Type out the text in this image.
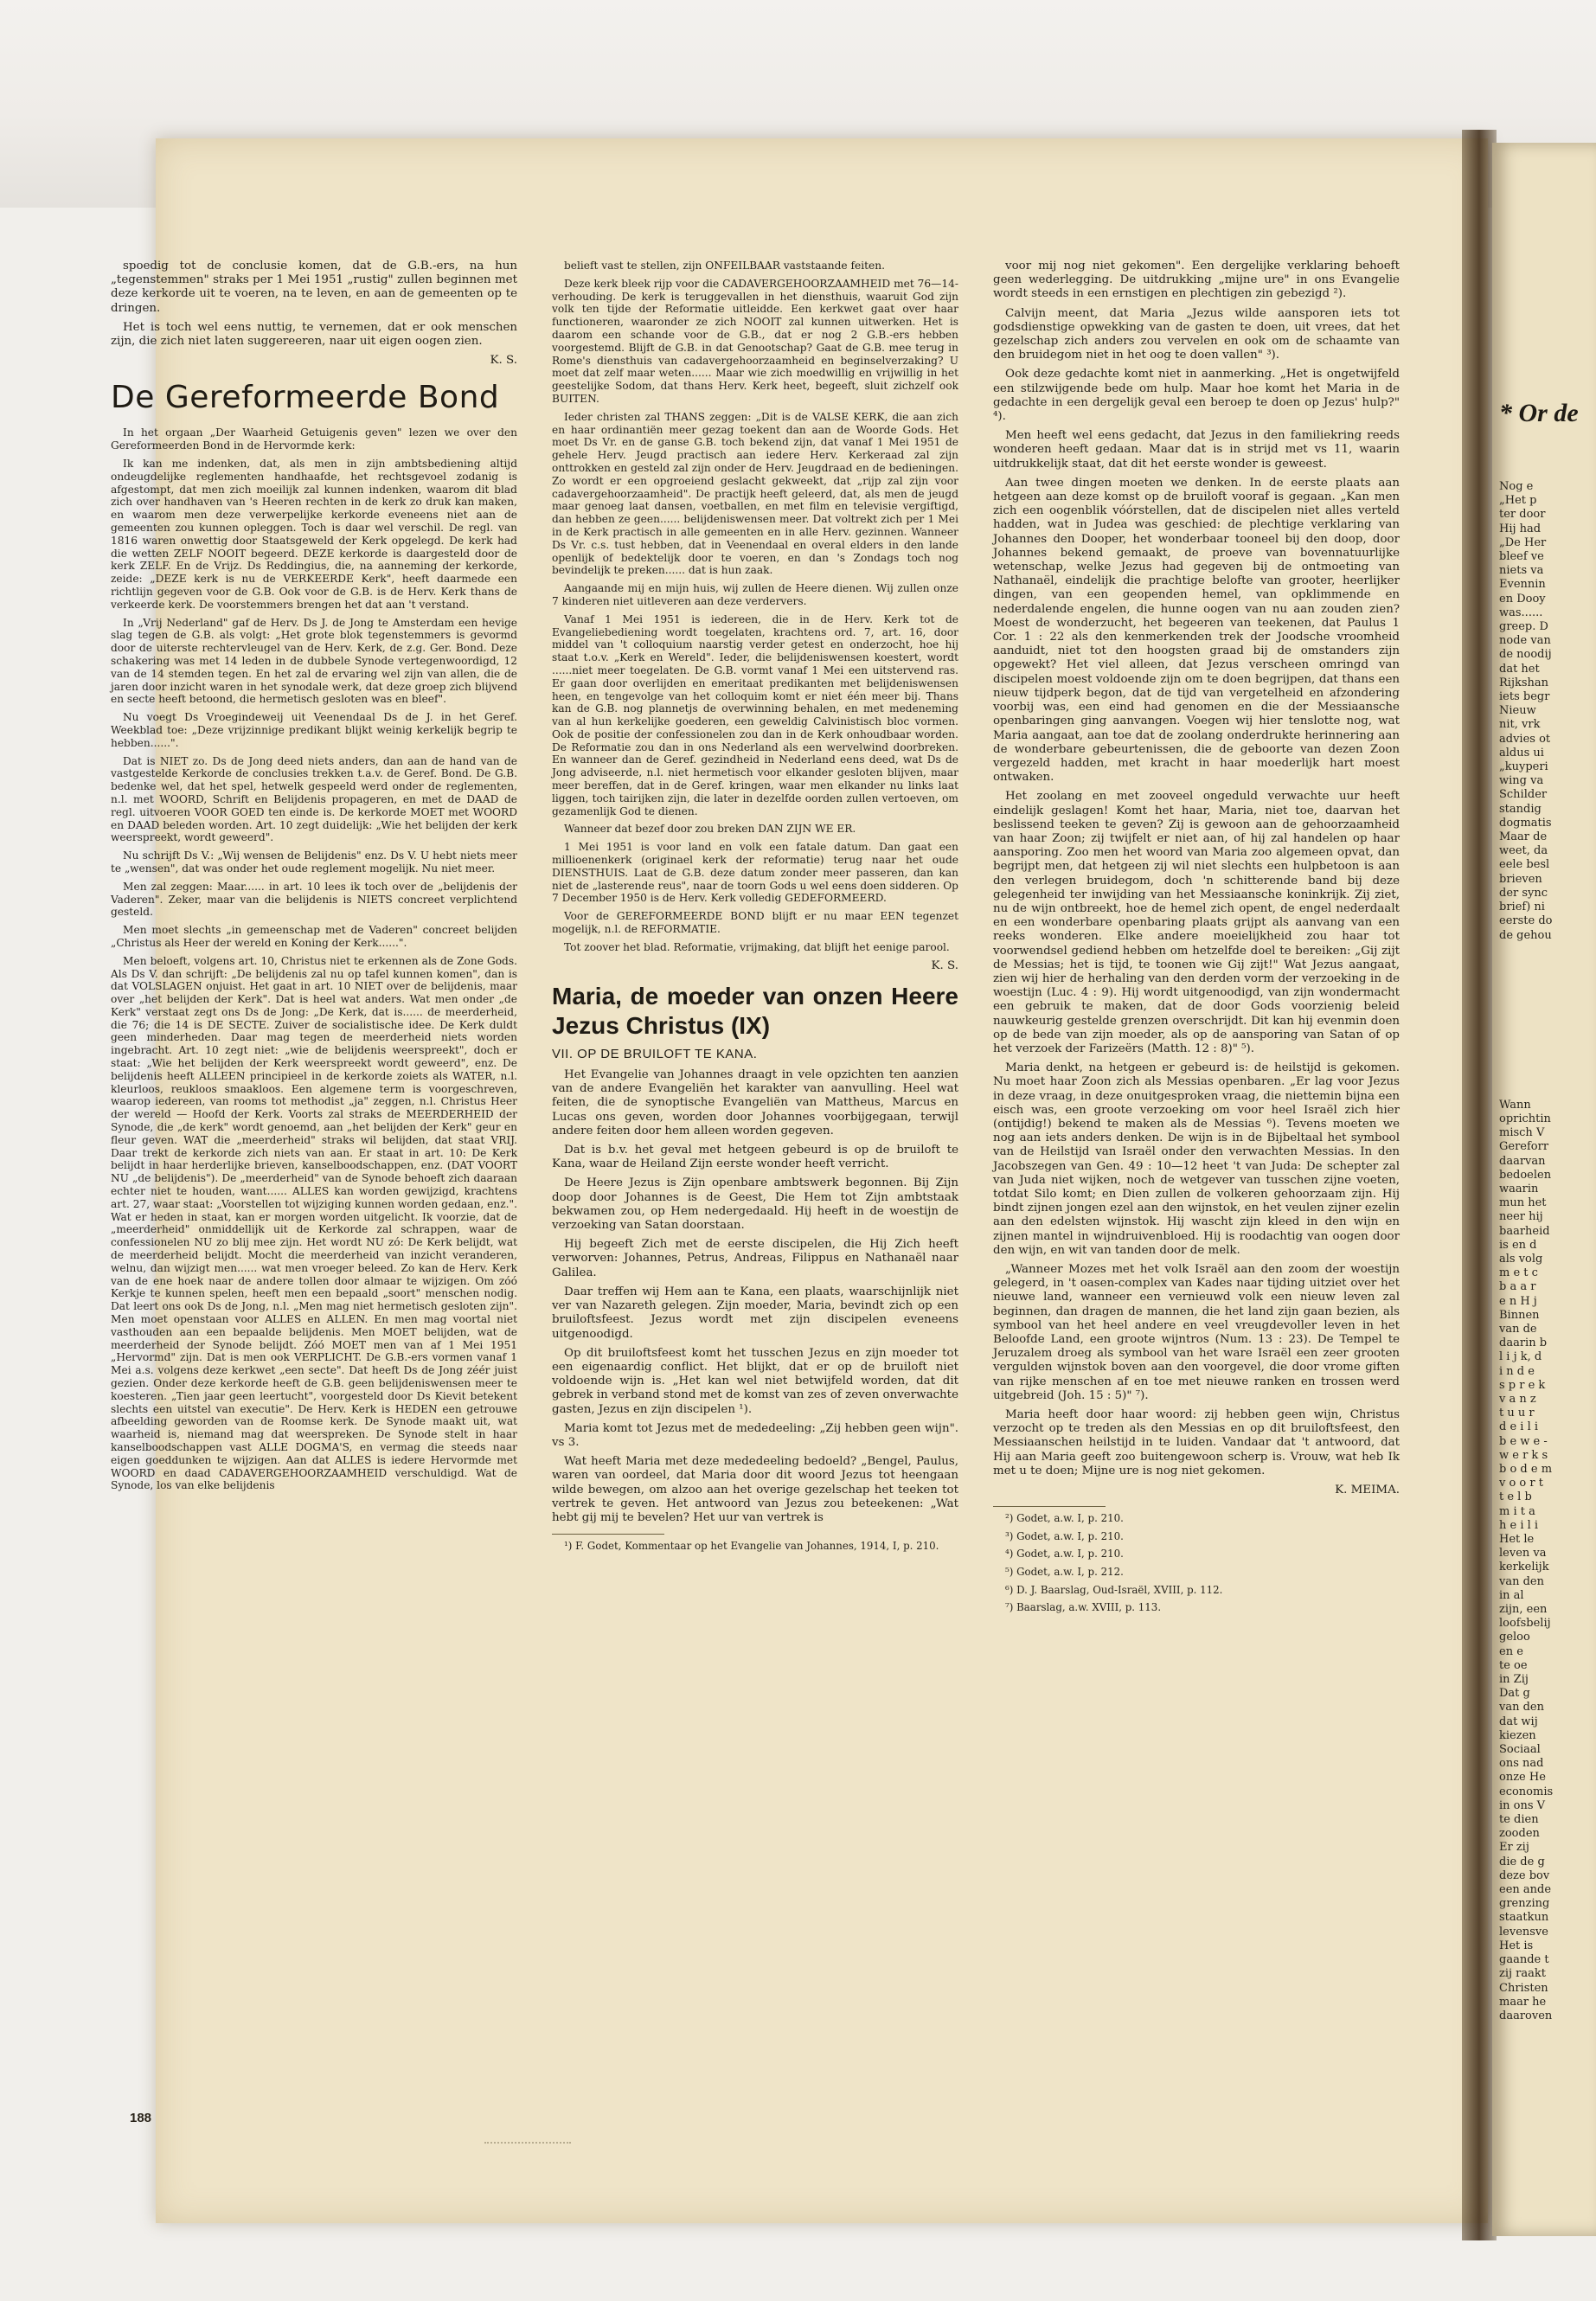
* Or de
Nog e
„Het p
ter door
Hij had
„De Her
bleef ve
niets va
Evennin
en Dooy
was......
greep. D
node van
de noodij
dat het
Rijkshan
iets begr
Nieuw
nit, vrk
advies ot
aldus ui
„kuyperi
wing va
Schilder
standig
dogmatis
Maar de
weet, da
eele besl
brieven
der sync
brief) ni
eerste do
de gehou
Wann
oprichtin
misch V
Gereforr
daarvan
bedoelen
waarin
mun het
neer hij
baarheid
is en d
als volg
m e t c
b a a r
e n H j
Binnen
van de
daarin b
l i j k, d
i n d e
s p r e k
v a n z
t u u r
d e i l i
b e w e -
w e r k s
b o d e m
v o o r t
t e l b
m i t a
h e i l i
Het le
leven va
kerkelijk
van den
in al
zijn, een
loofsbelij
geloo
en e
te oe
in Zij
Dat g
van den
dat wij
kiezen
Sociaal
ons nad
onze He
economis
in ons V
te dien
zooden
Er zij
die de g
deze bov
een ande
grenzing
staatkun
levensve
Het is
gaande t
zij raakt
Christen
maar he
daaroven

spoedig tot de conclusie komen, dat de G.B.-ers, na hun „tegenstemmen" straks per 1 Mei 1951 „rustig" zullen beginnen met deze kerkorde uit te voeren, na te leven, en aan de gemeenten op te dringen.

Het is toch wel eens nuttig, te vernemen, dat er ook menschen zijn, die zich niet laten suggereeren, naar uit eigen oogen zien.

K. S.

De Gereformeerde Bond

In het orgaan „Der Waarheid Getuigenis geven" lezen we over den Gereformeerden Bond in de Hervormde kerk:

Ik kan me indenken, dat, als men in zijn ambtsbediening altijd ondeugdelijke reglementen handhaafde, het rechtsgevoel zodanig is afgestompt, dat men zich moeilijk zal kunnen indenken, waarom dit blad zich over handhaven van 's Heeren rechten in de kerk zo druk kan maken, en waarom men deze verwerpelijke kerkorde eveneens niet aan de gemeenten zou kunnen opleggen. Toch is daar wel verschil. De regl. van 1816 waren onwettig door Staatsgeweld der Kerk opgelegd. De kerk had die wetten ZELF NOOIT begeerd. DEZE kerkorde is daargesteld door de kerk ZELF. En de Vrijz. Ds Reddingius, die, na aanneming der kerkorde, zeide: „DEZE kerk is nu de VERKEERDE Kerk", heeft daarmede een richtlijn gegeven voor de G.B. Ook voor de G.B. is de Herv. Kerk thans de verkeerde kerk. De voorstemmers brengen het dat aan 't verstand.

In „Vrij Nederland" gaf de Herv. Ds J. de Jong te Amsterdam een hevige slag tegen de G.B. als volgt: „Het grote blok tegenstemmers is gevormd door de uiterste rechtervleugel van de Herv. Kerk, de z.g. Ger. Bond. Deze schakering was met 14 leden in de dubbele Synode vertegenwoordigd, 12 van de 14 stemden tegen. En het zal de ervaring wel zijn van allen, die de jaren door inzicht waren in het synodale werk, dat deze groep zich blijvend en secte heeft betoond, die hermetisch gesloten was en bleef".

Nu voegt Ds Vroegindeweij uit Veenendaal Ds de J. in het Geref. Weekblad toe: „Deze vrijzinnige predikant blijkt weinig kerkelijk begrip te hebben......".

Dat is NIET zo. Ds de Jong deed niets anders, dan aan de hand van de vastgestelde Kerkorde de conclusies trekken t.a.v. de Geref. Bond. De G.B. bedenke wel, dat het spel, hetwelk gespeeld werd onder de reglementen, n.l. met WOORD, Schrift en Belijdenis propageren, en met de DAAD de regl. uitvoeren VOOR GOED ten einde is. De kerkorde MOET met WOORD en DAAD beleden worden. Art. 10 zegt duidelijk: „Wie het belijden der kerk weerspreekt, wordt geweerd".

Nu schrijft Ds V.: „Wij wensen de Belijdenis" enz. Ds V. U hebt niets meer te „wensen", dat was onder het oude reglement mogelijk. Nu niet meer.

Men zal zeggen: Maar...... in art. 10 lees ik toch over de „belijdenis der Vaderen". Zeker, maar van die belijdenis is NIETS concreet verplichtend gesteld.

Men moet slechts „in gemeenschap met de Vaderen" concreet belijden „Christus als Heer der wereld en Koning der Kerk......".

Men beloeft, volgens art. 10, Christus niet te erkennen als de Zone Gods. Als Ds V. dan schrijft: „De belijdenis zal nu op tafel kunnen komen", dan is dat VOLSLAGEN onjuist. Het gaat in art. 10 NIET over de belijdenis, maar over „het belijden der Kerk". Dat is heel wat anders. Wat men onder „de Kerk" verstaat zegt ons Ds de Jong: „De Kerk, dat is...... de meerderheid, die 76; die 14 is DE SECTE. Zuiver de socialistische idee. De Kerk duldt geen minderheden. Daar mag tegen de meerderheid niets worden ingebracht. Art. 10 zegt niet: „wie de belijdenis weerspreekt", doch er staat: „Wie het belijden der Kerk weerspreekt wordt geweerd", enz. De belijdenis heeft ALLEEN principieel in de kerkorde zoiets als WATER, n.l. kleurloos, reukloos smaakloos. Een algemene term is voorgeschreven, waarop iedereen, van rooms tot methodist „ja" zeggen, n.l. Christus Heer der wereld — Hoofd der Kerk. Voorts zal straks de MEERDERHEID der Synode, die „de kerk" wordt genoemd, aan „het belijden der Kerk" geur en fleur geven. WAT die „meerderheid" straks wil belijden, dat staat VRIJ. Daar trekt de kerkorde zich niets van aan. Er staat in art. 10: De Kerk belijdt in haar herderlijke brieven, kanselboodschappen, enz. (DAT VOORT NU „de belijdenis"). De „meerderheid" van de Synode behoeft zich daaraan echter niet te houden, want...... ALLES kan worden gewijzigd, krachtens art. 27, waar staat: „Voorstellen tot wijziging kunnen worden gedaan, enz.". Wat er heden in staat, kan er morgen worden uitgelicht. Ik voorzie, dat de „meerderheid" onmiddellijk uit de Kerkorde zal schrappen, waar de confessionelen NU zo blij mee zijn. Het wordt NU zó: De Kerk belijdt, wat de meerderheid belijdt. Mocht die meerderheid van inzicht veranderen, welnu, dan wijzigt men...... wat men vroeger beleed. Zo kan de Herv. Kerk van de ene hoek naar de andere tollen door almaar te wijzigen. Om zóó Kerkje te kunnen spelen, heeft men een bepaald „soort" menschen nodig. Dat leert ons ook Ds de Jong, n.l. „Men mag niet hermetisch gesloten zijn". Men moet openstaan voor ALLES en ALLEN. En men mag voortal niet vasthouden aan een bepaalde belijdenis. Men MOET belijden, wat de meerderheid der Synode belijdt. Zóó MOET men van af 1 Mei 1951 „Hervormd" zijn. Dat is men ook VERPLICHT. De G.B.-ers vormen vanaf 1 Mei a.s. volgens deze kerkwet „een secte". Dat heeft Ds de Jong zéér juist gezien. Onder deze kerkorde heeft de G.B. geen belijdeniswensen meer te koesteren. „Tien jaar geen leertucht", voorgesteld door Ds Kievit betekent slechts een uitstel van executie". De Herv. Kerk is HEDEN een getrouwe afbeelding geworden van de Roomse kerk. De Synode maakt uit, wat waarheid is, niemand mag dat weerspreken. De Synode stelt in haar kanselboodschappen vast ALLE DOGMA'S, en vermag die steeds naar eigen goeddunken te wijzigen. Aan dat ALLES is iedere Hervormde met WOORD en daad CADAVERGEHOORZAAMHEID verschuldigd. Wat de Synode, los van elke belijdenis

belieft vast te stellen, zijn ONFEILBAAR vaststaande feiten.

Deze kerk bleek rijp voor die CADAVERGEHOORZAAMHEID met 76—14-verhouding. De kerk is teruggevallen in het diensthuis, waaruit God zijn volk ten tijde der Reformatie uitleidde. Een kerkwet gaat over haar functioneren, waaronder ze zich NOOIT zal kunnen uitwerken. Het is daarom een schande voor de G.B., dat er nog 2 G.B.-ers hebben voorgestemd. Blijft de G.B. in dat Genootschap? Gaat de G.B. mee terug in Rome's diensthuis van cadavergehoorzaamheid en beginselverzaking? U moet dat zelf maar weten...... Maar wie zich moedwillig en vrijwillig in het geestelijke Sodom, dat thans Herv. Kerk heet, begeeft, sluit zichzelf ook BUITEN.

Ieder christen zal THANS zeggen: „Dit is de VALSE KERK, die aan zich en haar ordinantiën meer gezag toekent dan aan de Woorde Gods. Het moet Ds Vr. en de ganse G.B. toch bekend zijn, dat vanaf 1 Mei 1951 de gehele Herv. Jeugd practisch aan iedere Herv. Kerkeraad zal zijn onttrokken en gesteld zal zijn onder de Herv. Jeugdraad en de bedieningen. Zo wordt er een opgroeiend geslacht gekweekt, dat „rijp zal zijn voor cadavergehoorzaamheid". De practijk heeft geleerd, dat, als men de jeugd maar genoeg laat dansen, voetballen, en met film en televisie vergiftigd, dan hebben ze geen...... belijdeniswensen meer. Dat voltrekt zich per 1 Mei in de Kerk practisch in alle gemeenten en in alle Herv. gezinnen. Wanneer Ds Vr. c.s. tust hebben, dat in Veenendaal en overal elders in den lande openlijk of bedektelijk door te voeren, en dan 's Zondags toch nog bevindelijk te preken...... dat is hun zaak.

Aangaande mij en mijn huis, wij zullen de Heere dienen. Wij zullen onze 7 kinderen niet uitleveren aan deze verdervers.

Vanaf 1 Mei 1951 is iedereen, die in de Herv. Kerk tot de Evangeliebediening wordt toegelaten, krachtens ord. 7, art. 16, door middel van 't colloquium naarstig verder getest en onderzocht, hoe hij staat t.o.v. „Kerk en Wereld". Ieder, die belijdeniswensen koestert, wordt ......niet meer toegelaten. De G.B. vormt vanaf 1 Mei een uitstervend ras. Er gaan door overlijden en emeritaat predikanten met belijdeniswensen heen, en tengevolge van het colloquim komt er niet één meer bij. Thans kan de G.B. nog plannetjs de overwinning behalen, en met medeneming van al hun kerkelijke goederen, een geweldig Calvinistisch bloc vormen. Ook de positie der confessionelen zou dan in de Kerk onhoudbaar worden. De Reformatie zou dan in ons Nederland als een wervelwind doorbreken. En wanneer dan de Geref. gezindheid in Nederland eens deed, wat Ds de Jong adviseerde, n.l. niet hermetisch voor elkander gesloten blijven, maar meer bereffen, dat in de Geref. kringen, waar men elkander nu links laat liggen, toch tairijken zijn, die later in dezelfde oorden zullen vertoeven, om gezamenlijk God te dienen.

Wanneer dat bezef door zou breken DAN ZIJN WE ER.

1 Mei 1951 is voor land en volk een fatale datum. Dan gaat een millioenenkerk (originael kerk der reformatie) terug naar het oude DIENSTHUIS. Laat de G.B. deze datum zonder meer passeren, dan kan niet de „lasterende reus", naar de toorn Gods u wel eens doen sidderen. Op 7 December 1950 is de Herv. Kerk volledig GEDEFORMEERD.

Voor de GEREFORMEERDE BOND blijft er nu maar EEN tegenzet mogelijk, n.l. de REFORMATIE.

Tot zoover het blad. Reformatie, vrijmaking, dat blijft het eenige parool.

K. S.

Maria, de moeder van onzen Heere Jezus Christus (IX)
VII. OP DE BRUILOFT TE KANA.

Het Evangelie van Johannes draagt in vele opzichten ten aanzien van de andere Evangeliën het karakter van aanvulling. Heel wat feiten, die de synoptische Evangeliën van Mattheus, Marcus en Lucas ons geven, worden door Johannes voorbijgegaan, terwijl andere feiten door hem alleen worden gegeven.

Dat is b.v. het geval met hetgeen gebeurd is op de bruiloft te Kana, waar de Heiland Zijn eerste wonder heeft verricht.

De Heere Jezus is Zijn openbare ambtswerk begonnen. Bij Zijn doop door Johannes is de Geest, Die Hem tot Zijn ambtstaak bekwamen zou, op Hem nedergedaald. Hij heeft in de woestijn de verzoeking van Satan doorstaan.

Hij begeeft Zich met de eerste discipelen, die Hij Zich heeft verworven: Johannes, Petrus, Andreas, Filippus en Nathanaël naar Galilea.

Daar treffen wij Hem aan te Kana, een plaats, waarschijnlijk niet ver van Nazareth gelegen. Zijn moeder, Maria, bevindt zich op een bruiloftsfeest. Jezus wordt met zijn discipelen eveneens uitgenoodigd.

Op dit bruiloftsfeest komt het tusschen Jezus en zijn moeder tot een eigenaardig conflict. Het blijkt, dat er op de bruiloft niet voldoende wijn is. „Het kan wel niet betwijfeld worden, dat dit gebrek in verband stond met de komst van zes of zeven onverwachte gasten, Jezus en zijn discipelen ¹).

Maria komt tot Jezus met de mededeeling: „Zij hebben geen wijn". vs 3.

Wat heeft Maria met deze mededeeling bedoeld? „Bengel, Paulus, waren van oordeel, dat Maria door dit woord Jezus tot heengaan wilde bewegen, om alzoo aan het overige gezelschap het teeken tot vertrek te geven. Het antwoord van Jezus zou beteekenen: „Wat hebt gij mij te bevelen? Het uur van vertrek is

¹) F. Godet, Kommentaar op het Evangelie van Johannes, 1914, I, p. 210.

voor mij nog niet gekomen". Een dergelijke verklaring behoeft geen wederlegging. De uitdrukking „mijne ure" in ons Evangelie wordt steeds in een ernstigen en plechtigen zin gebezigd ²).

Calvijn meent, dat Maria „Jezus wilde aansporen iets tot godsdienstige opwekking van de gasten te doen, uit vrees, dat het gezelschap zich anders zou vervelen en ook om de schaamte van den bruidegom niet in het oog te doen vallen" ³).

Ook deze gedachte komt niet in aanmerking. „Het is ongetwijfeld een stilzwijgende bede om hulp. Maar hoe komt het Maria in de gedachte in een dergelijk geval een beroep te doen op Jezus' hulp?" ⁴).

Men heeft wel eens gedacht, dat Jezus in den familiekring reeds wonderen heeft gedaan. Maar dat is in strijd met vs 11, waarin uitdrukkelijk staat, dat dit het eerste wonder is geweest.

Aan twee dingen moeten we denken. In de eerste plaats aan hetgeen aan deze komst op de bruiloft vooraf is gegaan. „Kan men zich een oogenblik vóórstellen, dat de discipelen niet alles verteld hadden, wat in Judea was geschied: de plechtige verklaring van Johannes den Dooper, het wonderbaar tooneel bij den doop, door Johannes bekend gemaakt, de proeve van bovennatuurlijke wetenschap, welke Jezus had gegeven bij de ontmoeting van Nathanaël, eindelijk die prachtige belofte van grooter, heerlijker dingen, van een geopenden hemel, van opklimmende en nederdalende engelen, die hunne oogen van nu aan zouden zien? Moest de wonderzucht, het begeeren van teekenen, dat Paulus 1 Cor. 1 : 22 als den kenmerkenden trek der Joodsche vroomheid aanduidt, niet tot den hoogsten graad bij de omstanders zijn opgewekt? Het viel alleen, dat Jezus verscheen omringd van discipelen moest voldoende zijn om te doen begrijpen, dat thans een nieuw tijdperk begon, dat de tijd van vergetelheid en afzondering voorbij was, een eind had genomen en die der Messiaansche openbaringen ging aanvangen. Voegen wij hier tenslotte nog, wat Maria aangaat, aan toe dat de zoolang onderdrukte herinnering aan de wonderbare gebeurtenissen, die de geboorte van dezen Zoon vergezeld hadden, met kracht in haar moederlijk hart moest ontwaken.

Het zoolang en met zooveel ongeduld verwachte uur heeft eindelijk geslagen! Komt het haar, Maria, niet toe, daarvan het beslissend teeken te geven? Zij is gewoon aan de gehoorzaamheid van haar Zoon; zij twijfelt er niet aan, of hij zal handelen op haar aansporing. Zoo men het woord van Maria zoo algemeen opvat, dan begrijpt men, dat hetgeen zij wil niet slechts een hulpbetoon is aan den verlegen bruidegom, doch 'n schitterende band bij deze gelegenheid ter inwijding van het Messiaansche koninkrijk. Zij ziet, nu de wijn ontbreekt, hoe de hemel zich opent, de engel nederdaalt en een wonderbare openbaring plaats grijpt als aanvang van een reeks wonderen. Elke andere moeielijkheid zou haar tot voorwendsel gediend hebben om hetzelfde doel te bereiken: „Gij zijt de Messias; het is tijd, te toonen wie Gij zijt!" Wat Jezus aangaat, zien wij hier de herhaling van den derden vorm der verzoeking in de woestijn (Luc. 4 : 9). Hij wordt uitgenoodigd, van zijn wondermacht een gebruik te maken, dat de door Gods voorzienig beleid nauwkeurig gestelde grenzen overschrijdt. Dit kan hij evenmin doen op de bede van zijn moeder, als op de aansporing van Satan of op het verzoek der Farizeërs (Matth. 12 : 8)" ⁵).

Maria denkt, na hetgeen er gebeurd is: de heilstijd is gekomen. Nu moet haar Zoon zich als Messias openbaren. „Er lag voor Jezus in deze vraag, in deze onuitgesproken vraag, die niettemin bijna een eisch was, een groote verzoeking om voor heel Israël zich hier (ontijdig!) bekend te maken als de Messias ⁶). Tevens moeten we nog aan iets anders denken. De wijn is in de Bijbeltaal het symbool van de Heilstijd van Israël onder den verwachten Messias. In den Jacobszegen van Gen. 49 : 10—12 heet 't van Juda: De schepter zal van Juda niet wijken, noch de wetgever van tusschen zijne voeten, totdat Silo komt; en Dien zullen de volkeren gehoorzaam zijn. Hij bindt zijnen jongen ezel aan den wijnstok, en het veulen zijner ezelin aan den edelsten wijnstok. Hij wascht zijn kleed in den wijn en zijnen mantel in wijndruivenbloed. Hij is roodachtig van oogen door den wijn, en wit van tanden door de melk.

„Wanneer Mozes met het volk Israël aan den zoom der woestijn gelegerd, in 't oasen-complex van Kades naar tijding uitziet over het nieuwe land, wanneer een vernieuwd volk een nieuw leven zal beginnen, dan dragen de mannen, die het land zijn gaan bezien, als symbool van het heel andere en veel vreugdevoller leven in het Beloofde Land, een groote wijntros (Num. 13 : 23). De Tempel te Jeruzalem droeg als symbool van het ware Israël een zeer grooten vergulden wijnstok boven aan den voorgevel, die door vrome giften van rijke menschen af en toe met nieuwe ranken en trossen werd uitgebreid (Joh. 15 : 5)" ⁷).

Maria heeft door haar woord: zij hebben geen wijn, Christus verzocht op te treden als den Messias en op dit bruiloftsfeest, den Messiaanschen heilstijd in te luiden. Vandaar dat 't antwoord, dat Hij aan Maria geeft zoo buitengewoon scherp is. Vrouw, wat heb Ik met u te doen; Mijne ure is nog niet gekomen.

K. MEIMA.

²) Godet, a.w. I, p. 210.

³) Godet, a.w. I, p. 210.

⁴) Godet, a.w. I, p. 210.

⁵) Godet, a.w. I, p. 212.

⁶) D. J. Baarslag, Oud-Israël, XVIII, p. 112.

⁷) Baarslag, a.w. XVIII, p. 113.

188
